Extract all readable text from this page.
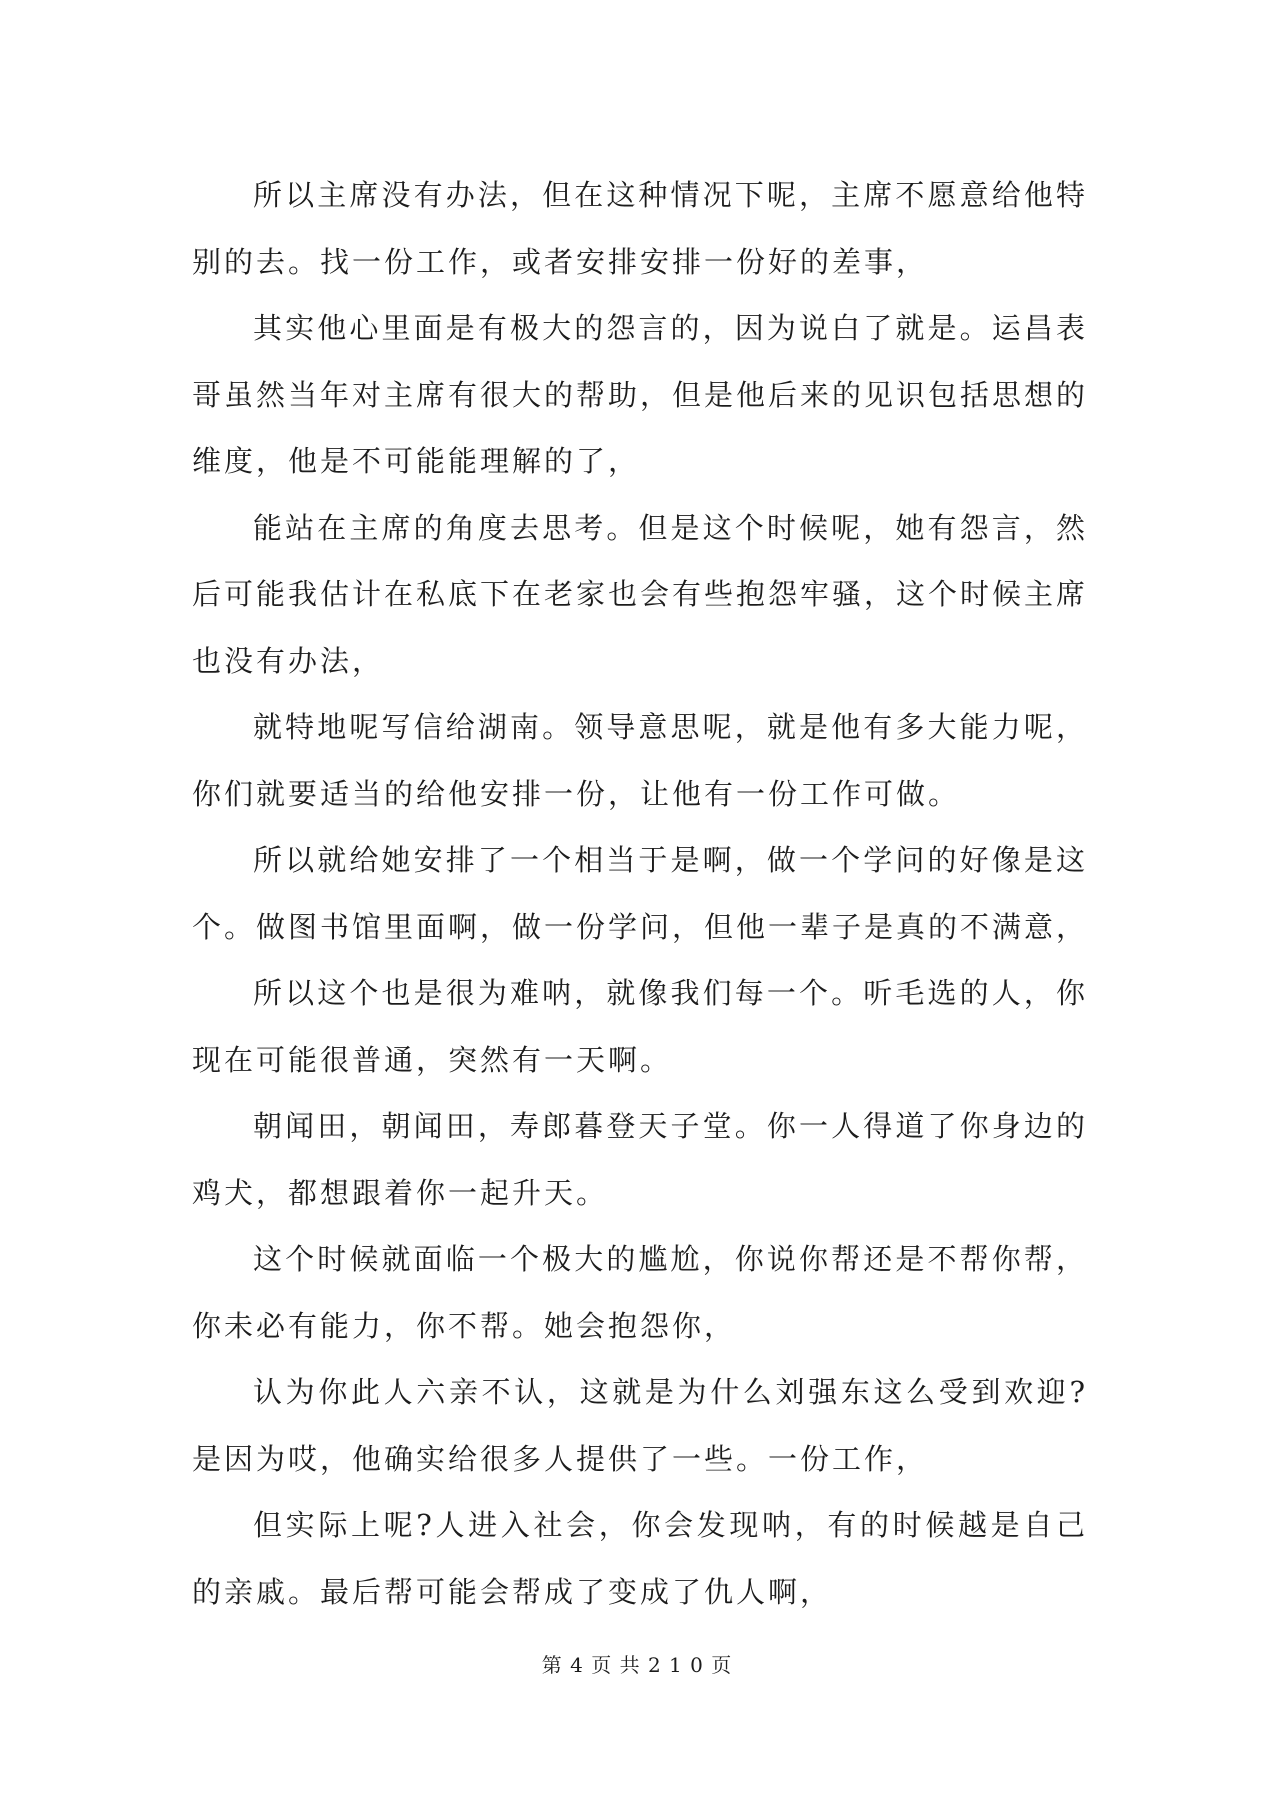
所以主席没有办法，但在这种情况下呢，主席不愿意给他特别的去。找一份工作，或者安排安排一份好的差事，

其实他心里面是有极大的怨言的，因为说白了就是。运昌表哥虽然当年对主席有很大的帮助，但是他后来的见识包括思想的维度，他是不可能能理解的了，

能站在主席的角度去思考。但是这个时候呢，她有怨言，然后可能我估计在私底下在老家也会有些抱怨牢骚，这个时候主席也没有办法，

就特地呢写信给湖南。领导意思呢，就是他有多大能力呢，你们就要适当的给他安排一份，让他有一份工作可做。

所以就给她安排了一个相当于是啊，做一个学问的好像是这个。做图书馆里面啊，做一份学问，但他一辈子是真的不满意，

所以这个也是很为难呐，就像我们每一个。听毛选的人，你现在可能很普通，突然有一天啊。

朝闻田，朝闻田，寿郎暮登天子堂。你一人得道了你身边的鸡犬，都想跟着你一起升天。

这个时候就面临一个极大的尴尬，你说你帮还是不帮你帮，你未必有能力，你不帮。她会抱怨你，

认为你此人六亲不认，这就是为什么刘强东这么受到欢迎?是因为哎，他确实给很多人提供了一些。一份工作，

但实际上呢?人进入社会，你会发现呐，有的时候越是自己的亲戚。最后帮可能会帮成了变成了仇人啊，

第 4 页 共 2 1 0 页
